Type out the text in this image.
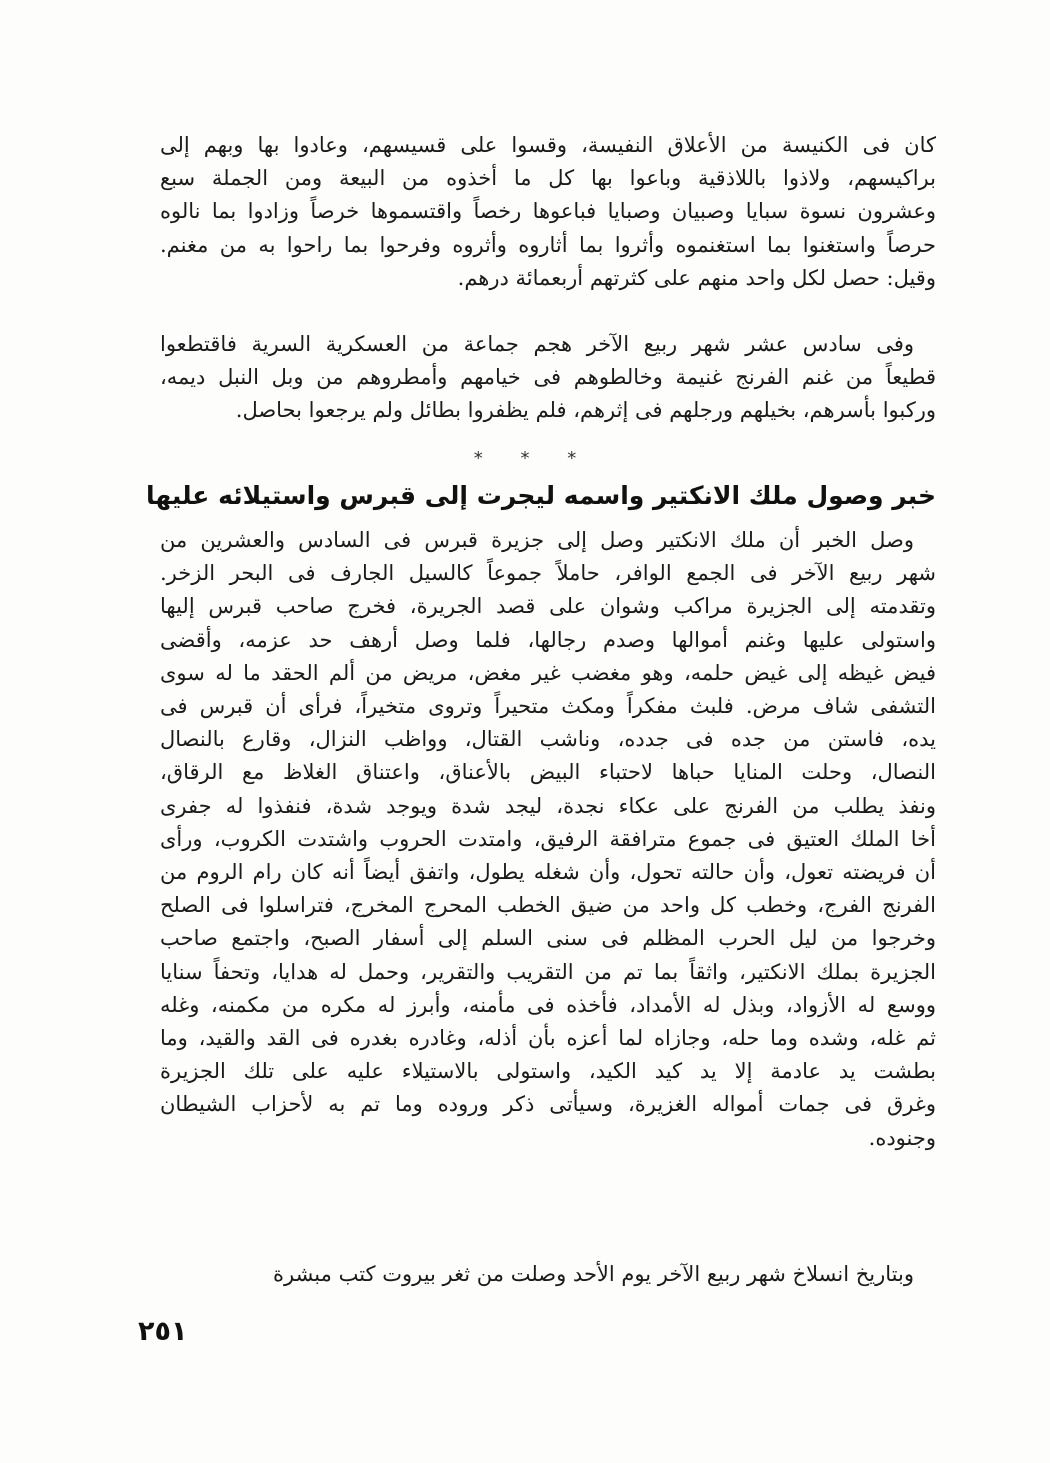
كان فى الكنيسة من الأعلاق النفيسة، وقسوا على قسيسهم، وعادوا بها وبهم إلى
براكيسهم، ولاذوا باللاذقية وباعوا بها كل ما أخذوه من البيعة ومن الجملة سبع
وعشرون نسوة سبايا وصبيان وصبايا فباعوها رخصاً واقتسموها خرصاً وزادوا بما نالوه
حرصاً واستغنوا بما استغنموه وأثروا بما أثاروه وأثروه وفرحوا بما راحوا به من مغنم.
وقيل: حصل لكل واحد منهم على كثرتهم أربعمائة درهم.
وفى سادس عشر شهر ربيع الآخر هجم جماعة من العسكرية السرية فاقتطعوا
قطيعاً من غنم الفرنج غنيمة وخالطوهم فى خيامهم وأمطروهم من وبل النبل ديمه،
وركبوا بأسرهم، بخيلهم ورجلهم فى إثرهم، فلم يظفروا بطائل ولم يرجعوا بحاصل.
وصل الخبر أن ملك الانكتير وصل إلى جزيرة قبرس فى السادس والعشرين من
شهر ربيع الآخر فى الجمع الوافر، حاملاً جموعاً كالسيل الجارف فى البحر الزخر.
وتقدمته إلى الجزيرة مراكب وشوان على قصد الجريرة، فخرج صاحب قبرس إليها
واستولى عليها وغنم أموالها وصدم رجالها، فلما وصل أرهف حد عزمه، وأقضى
فيض غيظه إلى غيض حلمه، وهو مغضب غير مغض، مريض من ألم الحقد ما له سوى
التشفى شاف مرض. فلبث مفكراً ومكث متحيراً وتروى متخيراً، فرأى أن قبرس فى
يده، فاستن من جده فى جدده، وناشب القتال، وواظب النزال، وقارع بالنصال
النصال، وحلت المنايا حباها لاحتباء البيض بالأعناق، واعتناق الغلاظ مع الرقاق،
ونفذ يطلب من الفرنج على عكاء نجدة، ليجد شدة ويوجد شدة، فنفذوا له جفرى
أخا الملك العتيق فى جموع مترافقة الرفيق، وامتدت الحروب واشتدت الكروب، ورأى
أن فريضته تعول، وأن حالته تحول، وأن شغله يطول، واتفق أيضاً أنه كان رام الروم من
الفرنج الفرج، وخطب كل واحد من ضيق الخطب المحرج المخرج، فتراسلوا فى الصلح
وخرجوا من ليل الحرب المظلم فى سنى السلم إلى أسفار الصبح، واجتمع صاحب
الجزيرة بملك الانكتير، واثقاً بما تم من التقريب والتقرير، وحمل له هدايا، وتحفاً سنايا
ووسع له الأزواد، وبذل له الأمداد، فأخذه فى مأمنه، وأبرز له مكره من مكمنه، وغله
ثم غله، وشده وما حله، وجازاه لما أعزه بأن أذله، وغادره بغدره فى القد والقيد، وما
بطشت يد عادمة إلا يد كيد الكيد، واستولى بالاستيلاء عليه على تلك الجزيرة
وغرق فى جمات أمواله الغزيرة، وسيأتى ذكر وروده وما تم به لأحزاب الشيطان
وجنوده.
وبتاريخ انسلاخ شهر ربيع الآخر يوم الأحد وصلت من ثغر بيروت كتب مبشرة
* * *
خبر وصول ملك الانكتير واسمه ليجرت إلى قبرس واستيلائه عليها
٢٥١
